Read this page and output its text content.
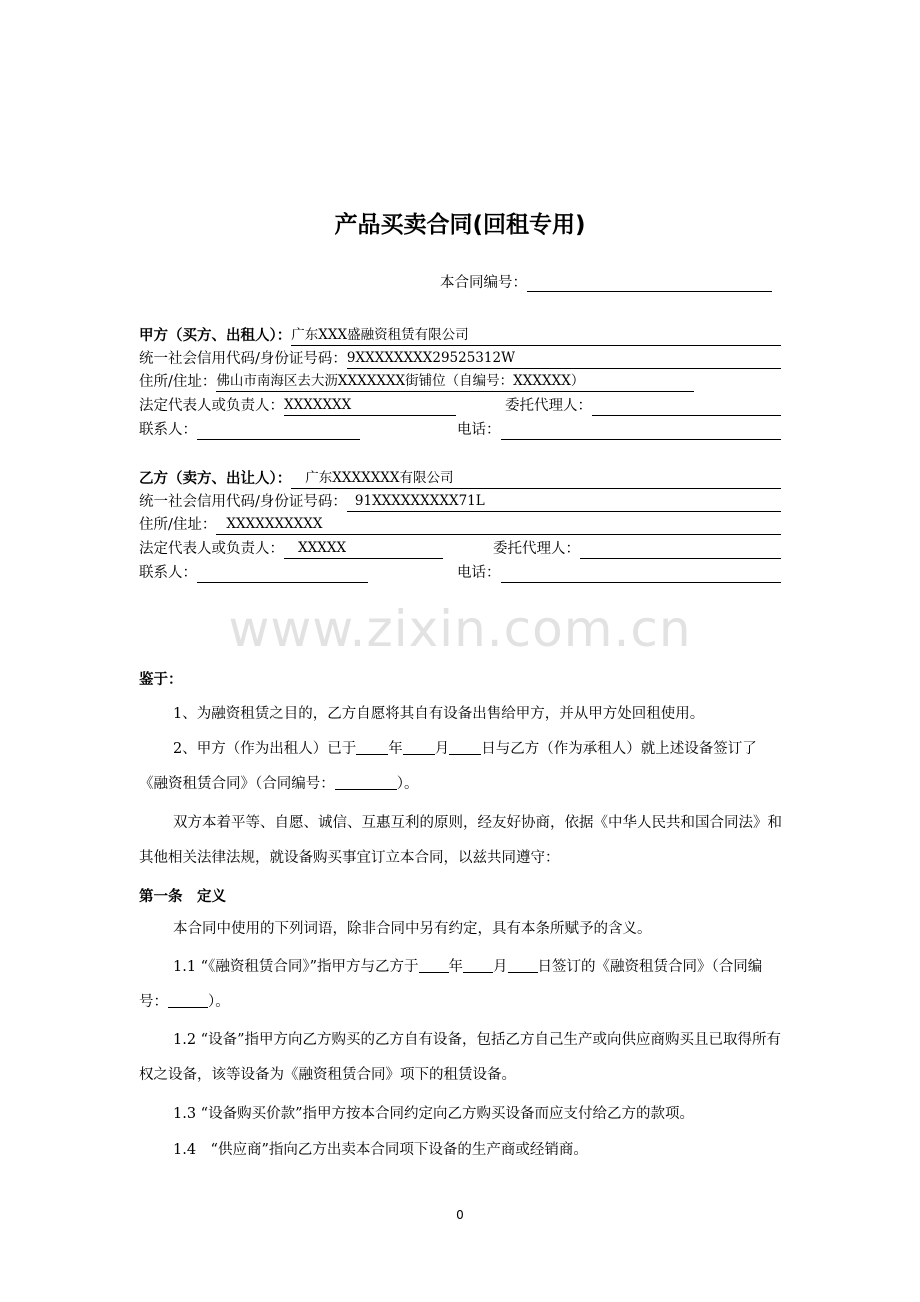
产品买卖合同(回租专用)
本合同编号：
甲方（买方、出租人）： 广东XXX盛融资租赁有限公司
统一社会信用代码/身份证号码： 9XXXXXXXX29525312W
住所/住址： 佛山市南海区去大沥XXXXXXX街铺位（自编号：XXXXXX）
法定代表人或负责人： XXXXXXX	委托代理人：
联系人：	电话：
乙方（卖方、出让人）：	广东XXXXXXX有限公司
统一社会信用代码/身份证号码： 91XXXXXXXXX71L
住所/住址： XXXXXXXXXX
法定代表人或负责人：	XXXXX	委托代理人：
联系人：	电话：
www.zixin.com.cn
鉴于：
1、为融资租赁之目的，乙方自愿将其自有设备出售给甲方，并从甲方处回租使用。
2、甲方（作为出租人）已于 年 月 日与乙方（作为承租人）就上述设备签订了《融资租赁合同》（合同编号：	）。
双方本着平等、自愿、诚信、互惠互利的原则，经友好协商，依据《中华人民共和国合同法》和其他相关法律法规，就设备购买事宜订立本合同，以兹共同遵守：
第一条　定义
本合同中使用的下列词语，除非合同中另有约定，具有本条所赋予的含义。
1.1 “《融资租赁合同》”指甲方与乙方于 年 月 日签订的《融资租赁合同》（合同编号：	）。
1.2 “设备”指甲方向乙方购买的乙方自有设备，包括乙方自己生产或向供应商购买且已取得所有权之设备，该等设备为《融资租赁合同》项下的租赁设备。
1.3 “设备购买价款”指甲方按本合同约定向乙方购买设备而应支付给乙方的款项。
1.4　“供应商”指向乙方出卖本合同项下设备的生产商或经销商。
0
